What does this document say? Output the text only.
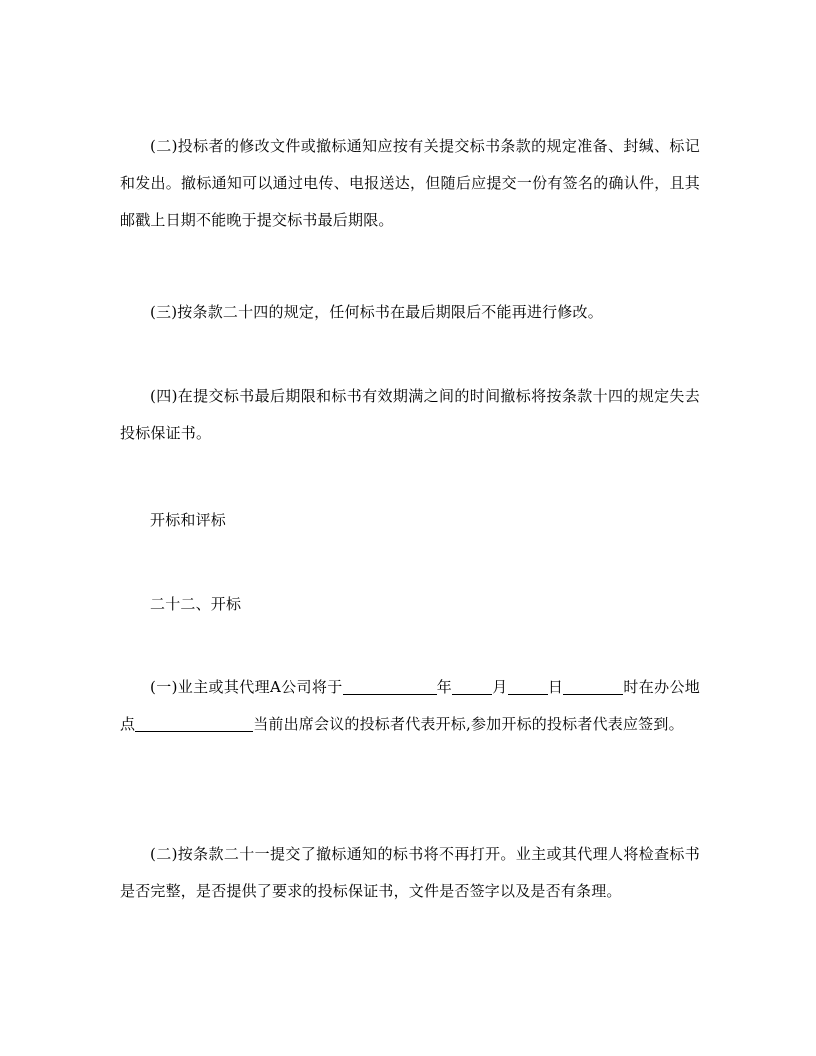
(二)投标者的修改文件或撤标通知应按有关提交标书条款的规定准备、封缄、标记和发出。撤标通知可以通过电传、电报送达，但随后应提交一份有签名的确认件，且其邮戳上日期不能晚于提交标书最后期限。

(三)按条款二十四的规定，任何标书在最后期限后不能再进行修改。

(四)在提交标书最后期限和标书有效期满之间的时间撤标将按条款十四的规定失去投标保证书。

开标和评标

二十二、开标

(一)业主或其代理A公司将于	年	月	日	时在办公地点	当前出席会议的投标者代表开标,参加开标的投标者代表应签到。

(二)按条款二十一提交了撤标通知的标书将不再打开。业主或其代理人将检查标书是否完整，是否提供了要求的投标保证书，文件是否签字以及是否有条理。
